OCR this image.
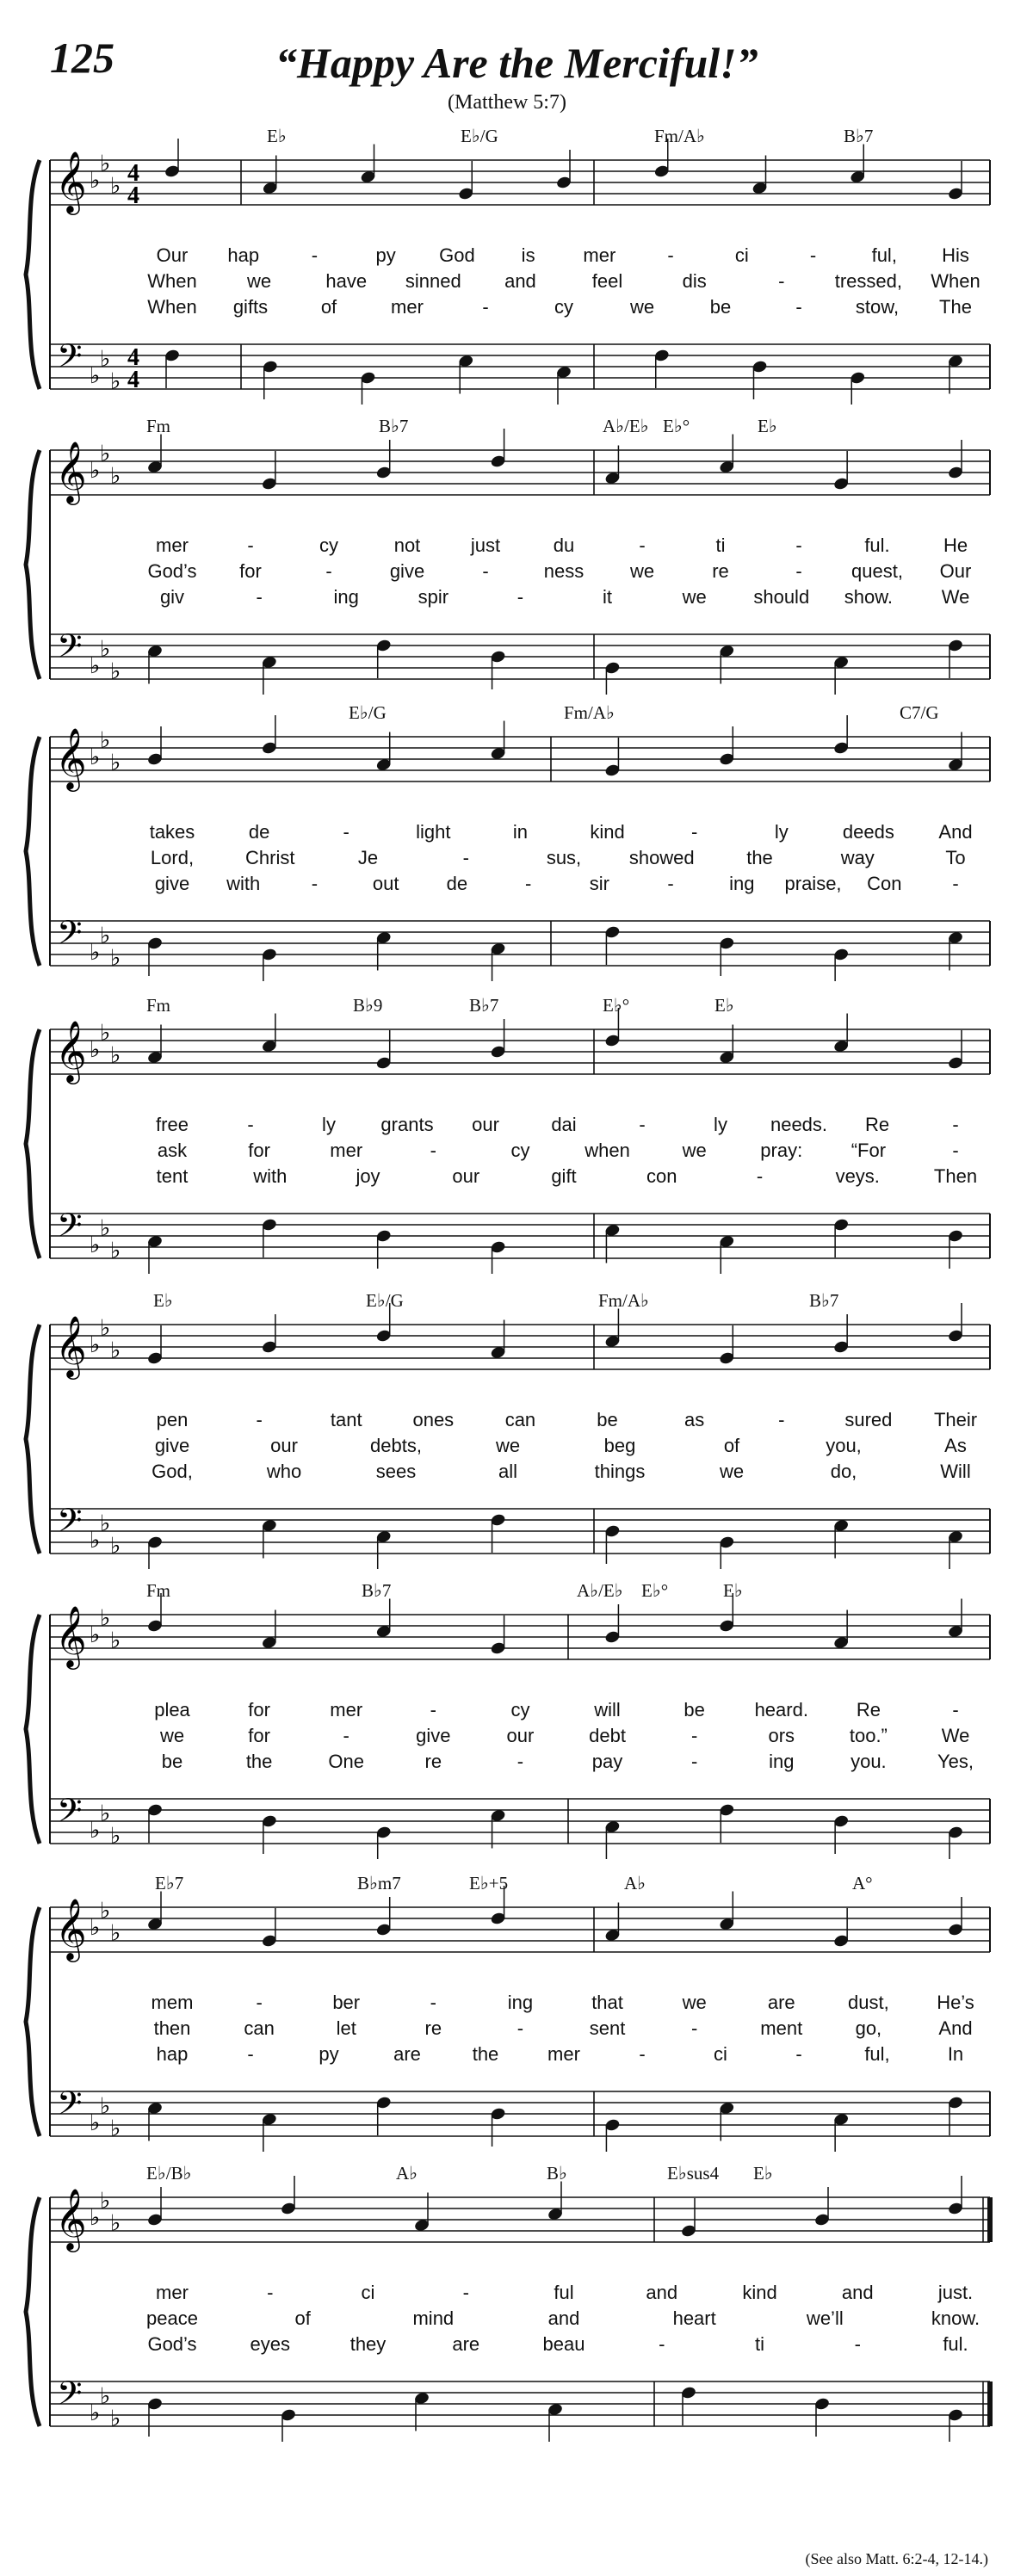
125	“Happy Are the Merciful!”
(Matthew 5:7)
𝄞
𝄢
♭
♭
♭
♭
♭
♭
4
4
4
4
E♭	E♭/G	Fm/A♭	B♭7
Our hap	-	py God is	mer	-	ci	-	ful, His
When	we	have sinned and	feel	dis	-	tressed, When
When gifts	of	mer	-	cy	we	be	-	stow, The
𝄞
𝄢
♭
♭
♭
♭
♭
♭
Fm	B♭7	A♭/E♭ E♭°	E♭
mer	-	cy	not	just	du	-	ti	-	ful.	He
God’s for	-	give	-	ness we	re	-	quest, Our
giv	-	ing	spir	-	it	we should show.	We
𝄞
𝄢
♭
♭
♭
♭
♭
♭
E♭/G	Fm/A♭	C7/G
takes	de	-	light	in	kind	-	ly	deeds And
Lord,	Christ	Je	-	sus,	showed	the	way	To
give with	-	out	de	-	sir	-	ing praise, Con	-
𝄞
𝄢
♭
♭
♭
♭
♭
♭
Fm	B♭9	B♭7	E♭°	E♭
free	-	ly grants our	dai	-	ly needs. Re	-
ask	for	mer	-	cy	when	we	pray:	“For	-
tent	with	joy	our	gift	con	-	veys.	Then
𝄞
𝄢
♭
♭
♭
♭
♭
♭
E♭	E♭/G	Fm/A♭	B♭7
pen	-	tant	ones	can	be	as	-	sured Their
give	our	debts,	we	beg	of	you,	As
God,	who	sees	all	things	we	do,	Will
𝄞
𝄢
♭
♭
♭
♭
♭
♭
Fm	B♭7	A♭/E♭ E♭°	E♭
plea	for	mer	-	cy	will	be	heard.	Re	-
we	for	-	give	our	debt	-	ors	too.”	We
be	the	One	re	-	pay	-	ing	you.	Yes,
𝄞
𝄢
♭
♭
♭
♭
♭
♭
E♭7	B♭m7	E♭+5	A♭	A°
mem	-	ber	-	ing	that	we	are	dust,	He’s
then	can	let	re	-	sent	-	ment	go,	And
hap	-	py	are	the	mer	-	ci	-	ful,	In
𝄞
𝄢
♭
♭
♭
♭
♭
♭
E♭/B♭	A♭	B♭	E♭sus4 E♭
mer	-	ci	-	ful	and	kind	and	just.
peace	of	mind	and	heart	we’ll	know.
God’s	eyes	they	are	beau	-	ti	-	ful.
(See also Matt. 6:2-4, 12-14.)
